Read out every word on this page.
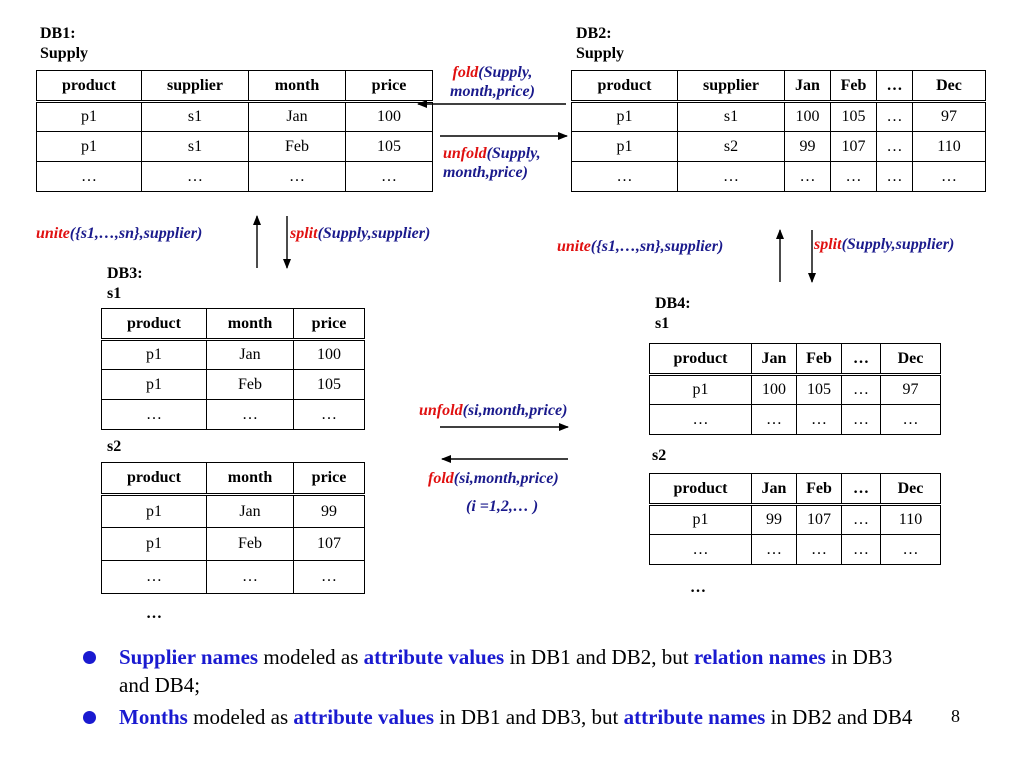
DB1:
Supply
product	supplier	month	price
p1	s1	Jan	100
p1	s1	Feb	105
…	…	…	…
DB2:
Supply
product	supplier	Jan	Feb	…	Dec
p1	s1	100	105	…	97
p1	s2	99	107	…	110
…	…	…	…	…	…
DB3:
s1
product	month	price
p1	Jan	100
p1	Feb	105
…	…	…
s2
product	month	price
p1	Jan	99
p1	Feb	107
…	…	…
…
DB4:
s1
product	Jan	Feb	…	Dec
p1	100	105	…	97
…	…	…	…	…
s2
product	Jan	Feb	…	Dec
p1	99	107	…	110
…	…	…	…	…
…
fold(Supply,
month,price)
unfold(Supply,
month,price)
unite({s1,…,sn},supplier)	split(Supply,supplier)
unite({s1,…,sn},supplier)	split(Supply,supplier)
unfold(si,month,price)
fold(si,month,price)
(i =1,2,… )
Supplier names modeled as attribute values in DB1 and DB2, but relation names in DB3 and DB4;
Months modeled as attribute values in DB1 and DB3, but attribute names in DB2 and DB4	8
